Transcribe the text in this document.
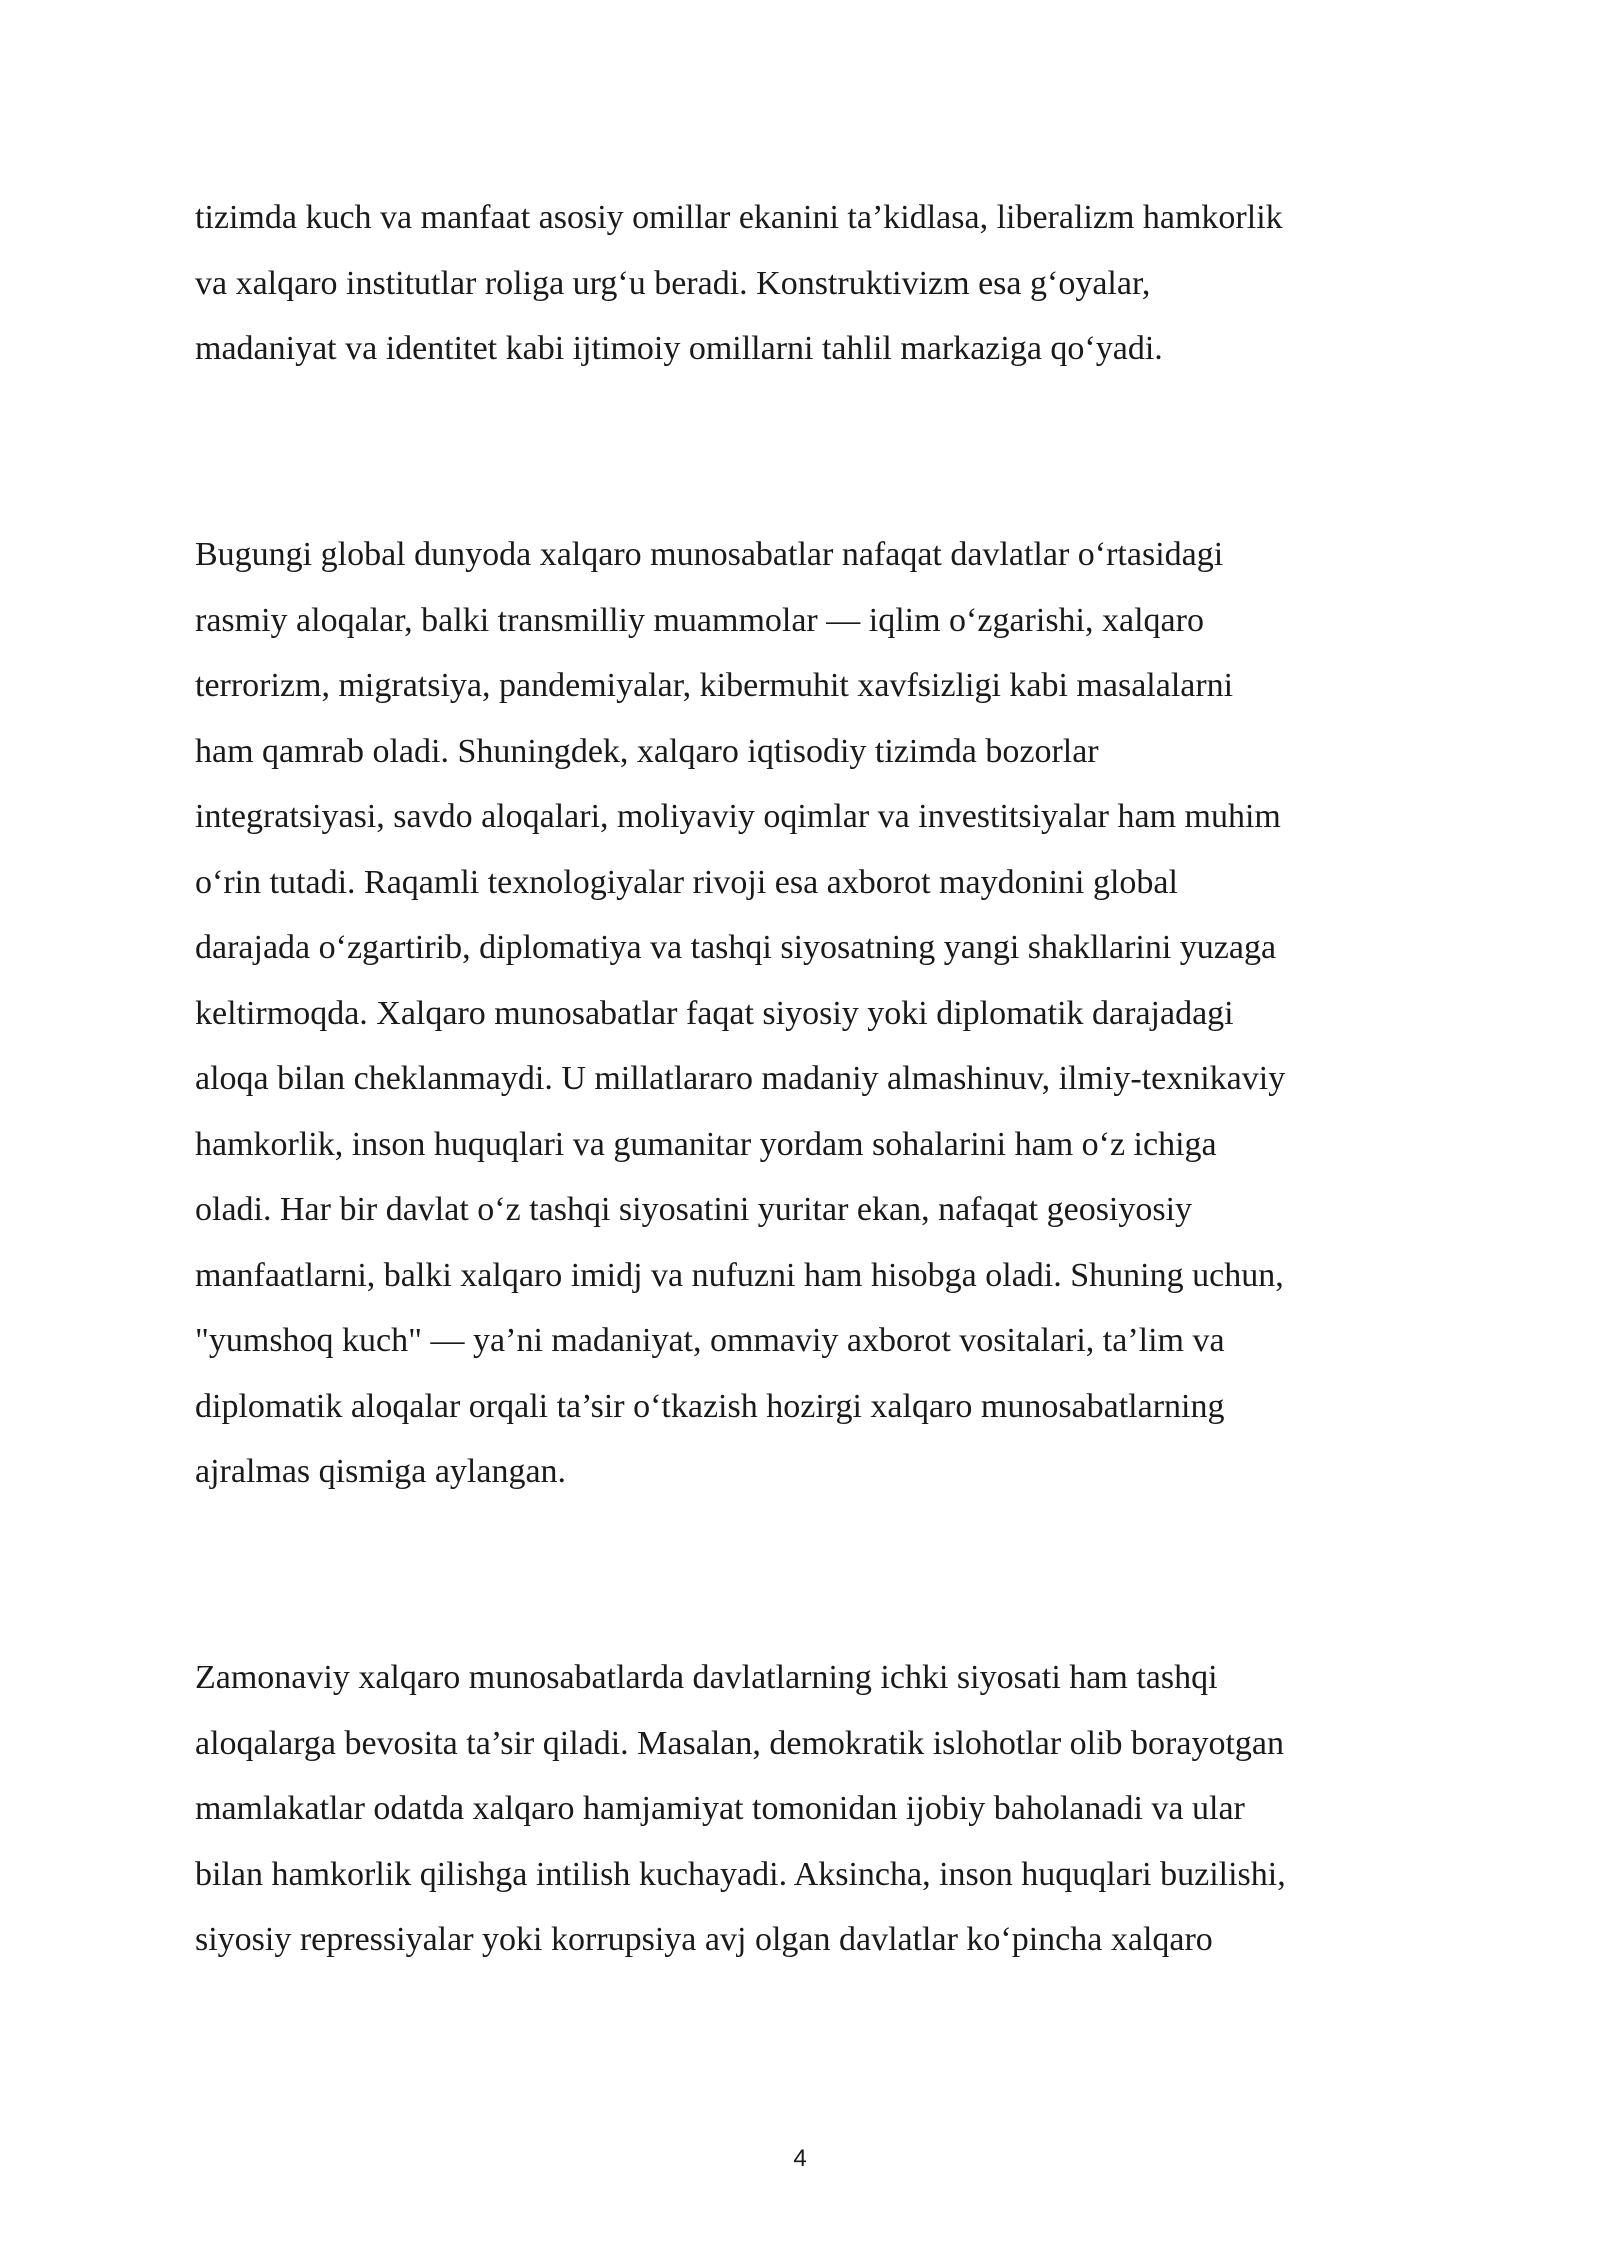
tizimda kuch va manfaat asosiy omillar ekanini ta’kidlasa, liberalizm hamkorlik
va xalqaro institutlar roliga urg‘u beradi. Konstruktivizm esa g‘oyalar,
madaniyat va identitet kabi ijtimoiy omillarni tahlil markaziga qo‘yadi.
Bugungi global dunyoda xalqaro munosabatlar nafaqat davlatlar o‘rtasidagi
rasmiy aloqalar, balki transmilliy muammolar — iqlim o‘zgarishi, xalqaro
terrorizm, migratsiya, pandemiyalar, kibermuhit xavfsizligi kabi masalalarni
ham qamrab oladi. Shuningdek, xalqaro iqtisodiy tizimda bozorlar
integratsiyasi, savdo aloqalari, moliyaviy oqimlar va investitsiyalar ham muhim
o‘rin tutadi. Raqamli texnologiyalar rivoji esa axborot maydonini global
darajada o‘zgartirib, diplomatiya va tashqi siyosatning yangi shakllarini yuzaga
keltirmoqda. Xalqaro munosabatlar faqat siyosiy yoki diplomatik darajadagi
aloqa bilan cheklanmaydi. U millatlararo madaniy almashinuv, ilmiy-texnikaviy
hamkorlik, inson huquqlari va gumanitar yordam sohalarini ham o‘z ichiga
oladi. Har bir davlat o‘z tashqi siyosatini yuritar ekan, nafaqat geosiyosiy
manfaatlarni, balki xalqaro imidj va nufuzni ham hisobga oladi. Shuning uchun,
"yumshoq kuch" — ya’ni madaniyat, ommaviy axborot vositalari, ta’lim va
diplomatik aloqalar orqali ta’sir o‘tkazish hozirgi xalqaro munosabatlarning
ajralmas qismiga aylangan.
Zamonaviy xalqaro munosabatlarda davlatlarning ichki siyosati ham tashqi
aloqalarga bevosita ta’sir qiladi. Masalan, demokratik islohotlar olib borayotgan
mamlakatlar odatda xalqaro hamjamiyat tomonidan ijobiy baholanadi va ular
bilan hamkorlik qilishga intilish kuchayadi. Aksincha, inson huquqlari buzilishi,
siyosiy repressiyalar yoki korrupsiya avj olgan davlatlar ko‘pincha xalqaro
4
